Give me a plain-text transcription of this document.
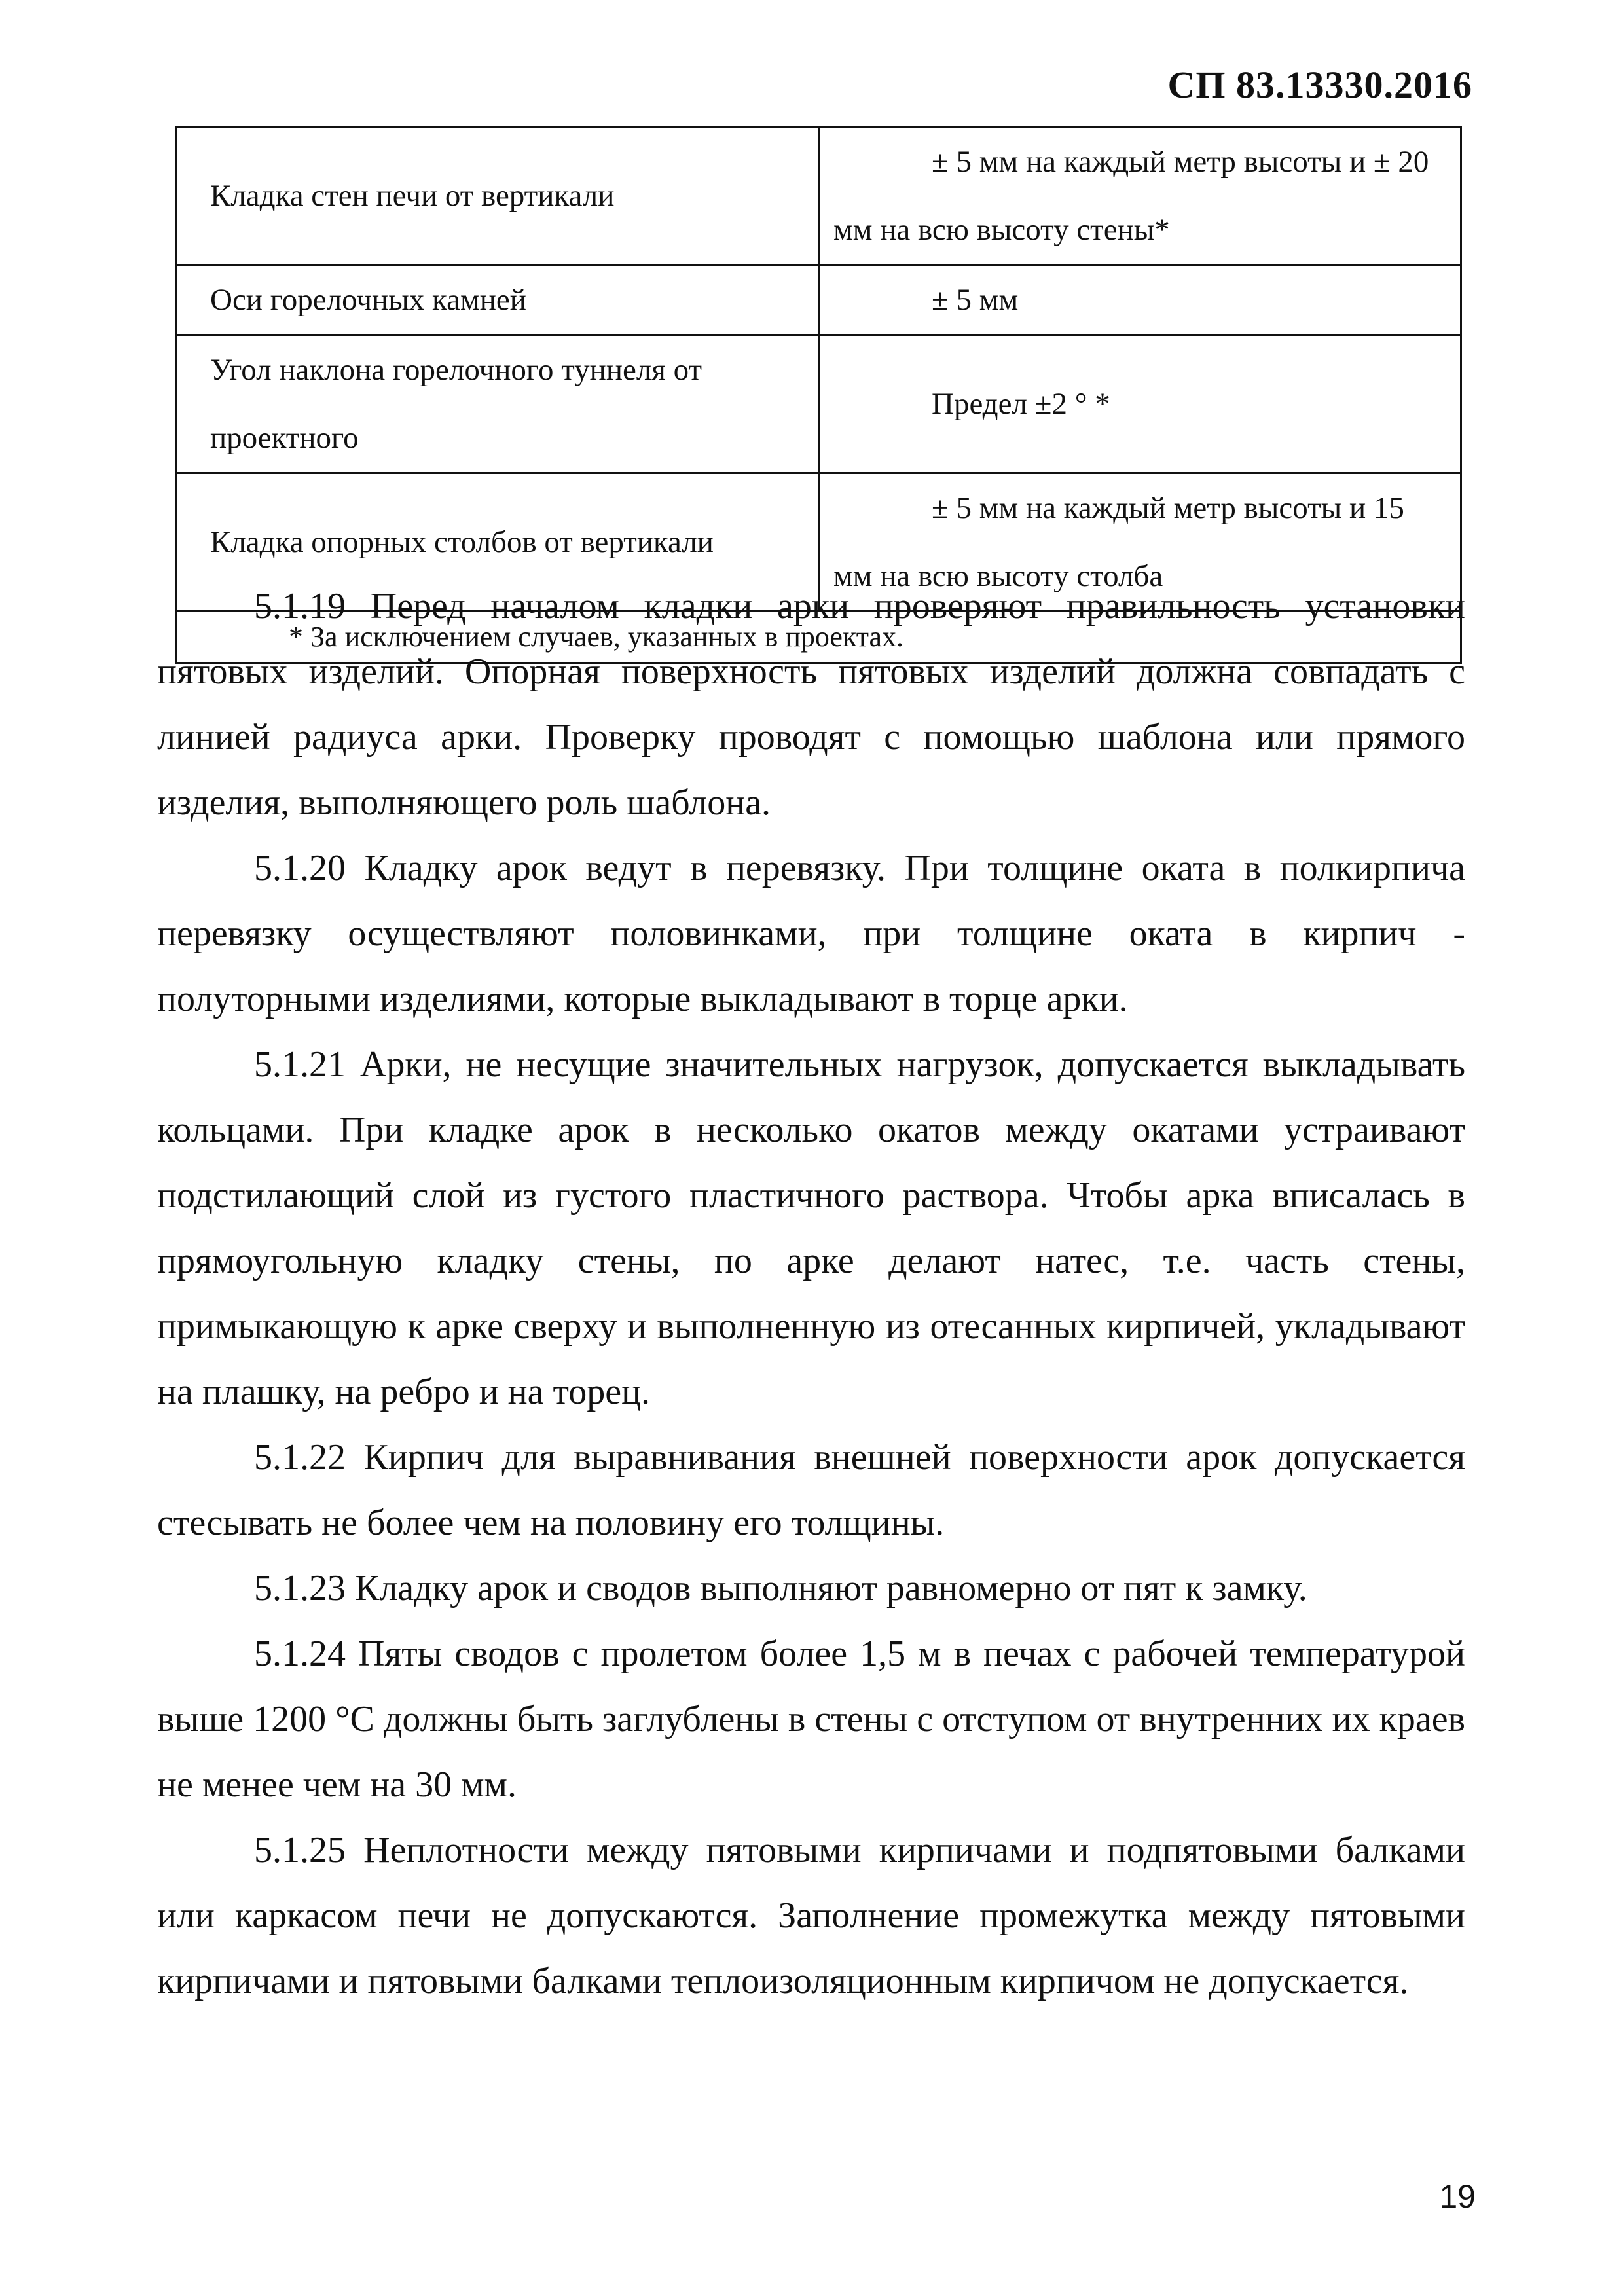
СП 83.13330.2016
Кладка стен печи от вертикали	± 5 мм на каждый метр высоты и ± 20
мм на всю высоту стены*
Оси горелочных камней	± 5 мм
Угол наклона горелочного туннеля от
проектного	Предел ±2 ° *
Кладка опорных столбов от вертикали	± 5 мм на каждый метр высоты и 15
мм на всю высоту столба
* За исключением случаев, указанных в проектах.	

5.1.19 Перед началом кладки арки проверяют правильность установки пятовых изделий. Опорная поверхность пятовых изделий должна совпадать с линией радиуса арки. Проверку проводят с помощью шаблона или прямого изделия, выполняющего роль шаблона.

5.1.20 Кладку арок ведут в перевязку. При толщине оката в полкирпича перевязку осуществляют половинками, при толщине оката в кирпич - полуторными изделиями, которые выкладывают в торце арки.

5.1.21 Арки, не несущие значительных нагрузок, допускается выкладывать кольцами. При кладке арок в несколько окатов между окатами устраивают подстилающий слой из густого пластичного раствора. Чтобы арка вписалась в прямоугольную кладку стены, по арке делают натес, т.е. часть стены, примыкающую к арке сверху и выполненную из отесанных кирпичей, укладывают на плашку, на ребро и на торец.

5.1.22 Кирпич для выравнивания внешней поверхности арок допускается стесывать не более чем на половину его толщины.

5.1.23 Кладку арок и сводов выполняют равномерно от пят к замку.

5.1.24 Пяты сводов с пролетом более 1,5 м в печах с рабочей температурой выше 1200 °С должны быть заглублены в стены с отступом от внутренних их краев не менее чем на 30 мм.

5.1.25 Неплотности между пятовыми кирпичами и подпятовыми балками или каркасом печи не допускаются. Заполнение промежутка между пятовыми кирпичами и пятовыми балками теплоизоляционным кирпичом не допускается.

19
